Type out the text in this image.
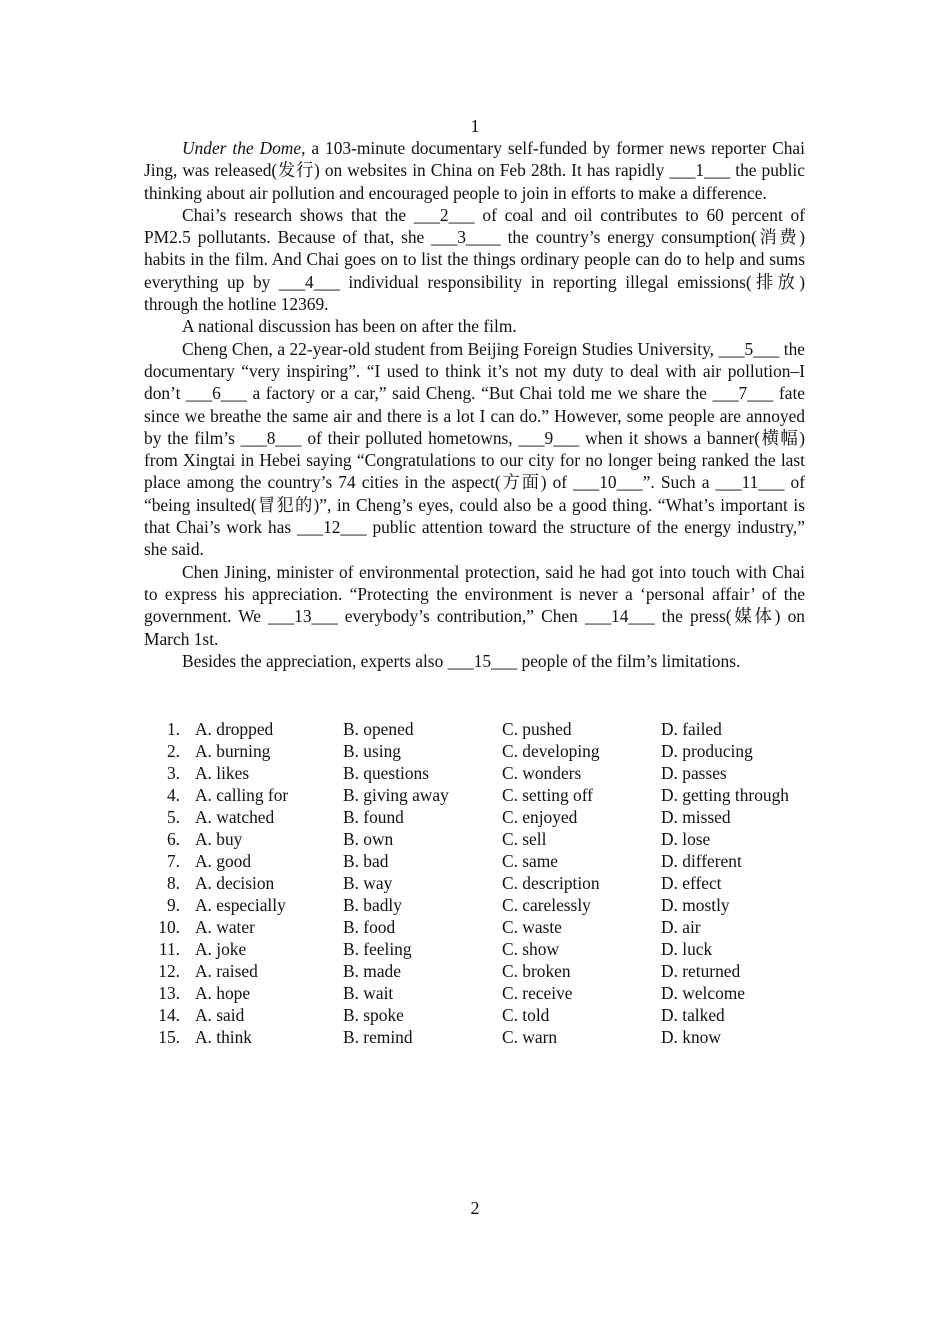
1

Under the Dome, a 103-minute documentary self-funded by former news reporter Chai Jing, was released(发行) on websites in China on Feb 28th. It has rapidly ___1___ the public thinking about air pollution and encouraged people to join in efforts to make a difference.

Chai’s research shows that the ___2___ of coal and oil contributes to 60 percent of PM2.5 pollutants. Because of that, she ___3____ the country’s energy consumption(消费) habits in the film. And Chai goes on to list the things ordinary people can do to help and sums everything up by ___4___ individual responsibility in reporting illegal emissions(排放) through the hotline 12369.

A national discussion has been on after the film.

Cheng Chen, a 22-year-old student from Beijing Foreign Studies University, ___5___ the documentary “very inspiring”. “I used to think it’s not my duty to deal with air pollution–I don’t ___6___ a factory or a car,” said Cheng. “But Chai told me we share the ___7___ fate since we breathe the same air and there is a lot I can do.” However, some people are annoyed by the film’s ___8___ of their polluted hometowns, ___9___ when it shows a banner(横幅) from Xingtai in Hebei saying “Congratulations to our city for no longer being ranked the last place among the country’s 74 cities in the aspect(方面) of ___10___”. Such a ___11___ of “being insulted(冒犯的)”, in Cheng’s eyes, could also be a good thing. “What’s important is that Chai’s work has ___12___ public attention toward the structure of the energy industry,” she said.

Chen Jining, minister of environmental protection, said he had got into touch with Chai to express his appreciation. “Protecting the environment is never a ‘personal affair’ of the government. We ___13___ everybody’s contribution,” Chen ___14___ the press(媒体) on March 1st.

Besides the appreciation, experts also ___15___ people of the film’s limitations.

1. A. dropped	B. opened	C. pushed	D. failed
2. A. burning	B. using	C. developing	D. producing
3. A. likes	B. questions	C. wonders	D. passes
4. A. calling for	B. giving away	C. setting off	D. getting through
5. A. watched	B. found	C. enjoyed	D. missed
6. A. buy	B. own	C. sell	D. lose
7. A. good	B. bad	C. same	D. different
8. A. decision	B. way	C. description	D. effect
9. A. especially	B. badly	C. carelessly	D. mostly
10. A. water	B. food	C. waste	D. air
11. A. joke	B. feeling	C. show	D. luck
12. A. raised	B. made	C. broken	D. returned
13. A. hope	B. wait	C. receive	D. welcome
14. A. said	B. spoke	C. told	D. talked
15. A. think	B. remind	C. warn	D. know
2
